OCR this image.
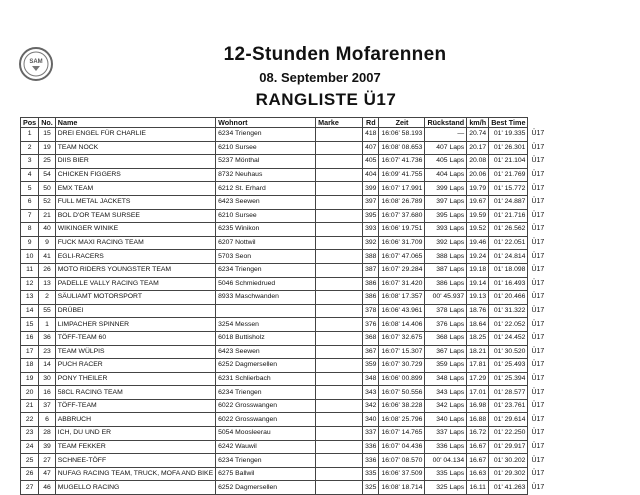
SAM	12-Stunden Mofarennen
08. September 2007
RANGLISTE Ü17
Pos	No.	Name	Wohnort	Marke	Rd	Zeit	Rückstand	km/h	Best Time	
1	15	DREI ENGEL FÜR CHARLIE	6234 Triengen		418	16:06' 58.193	—	20.74	01' 19.335	Ü17
2	19	TEAM NOCK	6210 Sursee		407	16:08' 08.653	407 Laps	20.17	01' 26.301	Ü17
3	25	DIIS BIER	5237 Mönthal		405	16:07' 41.736	405 Laps	20.08	01' 21.104	Ü17
4	54	CHICKEN FIGGERS	8732 Neuhaus		404	16:09' 41.755	404 Laps	20.06	01' 21.769	Ü17
5	50	EMX TEAM	6212 St. Erhard		399	16:07' 17.991	399 Laps	19.79	01' 15.772	Ü17
6	52	FULL METAL JACKETS	6423 Seewen		397	16:08' 26.789	397 Laps	19.67	01' 24.887	Ü17
7	21	BOL D'OR TEAM SURSEE	6210 Sursee		395	16:07' 37.680	395 Laps	19.59	01' 21.716	Ü17
8	40	WIKINGER WINIKE	6235 Winikon		393	16:06' 19.751	393 Laps	19.52	01' 26.562	Ü17
9	9	FUCK MAXI RACING TEAM	6207 Nottwil		392	16:06' 31.709	392 Laps	19.46	01' 22.051	Ü17
10	41	EGLI-RACERS	5703 Seon		388	16:07' 47.065	388 Laps	19.24	01' 24.814	Ü17
11	26	MOTO RIDERS YOUNGSTER TEAM	6234 Triengen		387	16:07' 29.284	387 Laps	19.18	01' 18.098	Ü17
12	13	PADELLE VALLY RACING TEAM	5046 Schmiedrued		386	16:07' 31.420	386 Laps	19.14	01' 16.493	Ü17
13	2	SÄULIAMT MOTORSPORT	8933 Maschwanden		386	16:08' 17.357	00' 45.937	19.13	01' 20.466	Ü17
14	55	DRÜBEI			378	16:06' 43.961	378 Laps	18.76	01' 31.322	Ü17
15	1	LIMPACHER SPINNER	3254 Messen		376	16:08' 14.406	376 Laps	18.64	01' 22.052	Ü17
16	36	TÖFF-TEAM 60	6018 Buttisholz		368	16:07' 32.675	368 Laps	18.25	01' 24.452	Ü17
17	23	TEAM WÜLPIS	6423 Seewen		367	16:07' 15.307	367 Laps	18.21	01' 30.520	Ü17
18	14	PUCH RACER	6252 Dagmersellen		359	16:07' 30.729	359 Laps	17.81	01' 25.493	Ü17
19	30	PONY THEILER	6231 Schlierbach		348	16:06' 00.899	348 Laps	17.29	01' 25.394	Ü17
20	16	58CL RACING TEAM	6234 Triengen		343	16:07' 50.556	343 Laps	17.01	01' 28.577	Ü17
21	37	TÖFF-TEAM	6022 Grosswangen		342	16:06' 38.228	342 Laps	16.98	01' 23.761	Ü17
22	6	ABBRUCH	6022 Grosswangen		340	16:08' 25.796	340 Laps	16.88	01' 29.614	Ü17
23	28	ICH, DU UND ER	5054 Moosleerau		337	16:07' 14.765	337 Laps	16.72	01' 22.250	Ü17
24	39	TEAM FEKKER	6242 Wauwil		336	16:07' 04.436	336 Laps	16.67	01' 29.917	Ü17
25	27	SCHNEE-TÖFF	6234 Triengen		336	16:07' 08.570	00' 04.134	16.67	01' 30.202	Ü17
26	47	NUFAG RACING TEAM, TRUCK, MOFA AND BIKE	6275 Ballwil		335	16:06' 37.509	335 Laps	16.63	01' 29.302	Ü17
27	46	MUGELLO RACING	6252 Dagmersellen		325	16:08' 18.714	325 Laps	16.11	01' 41.263	Ü17
